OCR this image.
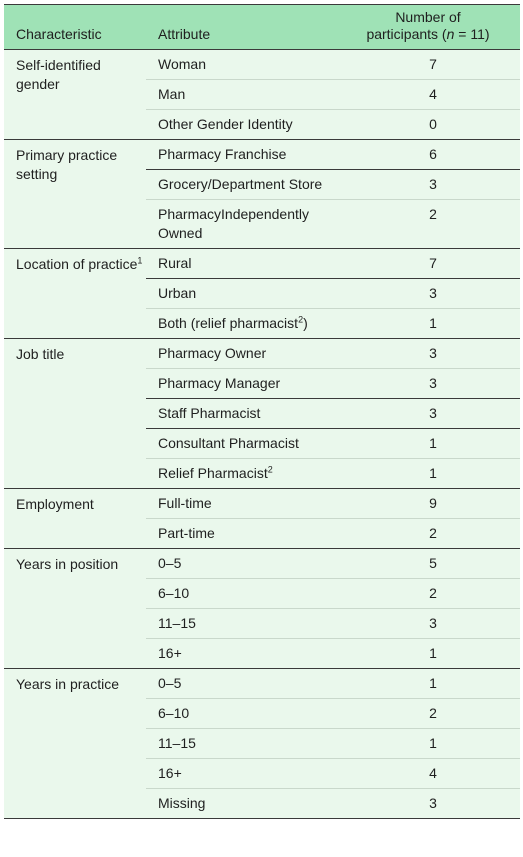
Characteristic	Attribute	Number of
participants (n = 11)
Self-identified gender	Woman	7
	Man	4
	Other Gender Identity	0
Primary practice setting	Pharmacy Franchise	6
	Grocery/Department Store	3
	PharmacyIndependently Owned	2
Location of practice$^1$	Rural	7
	Urban	3
	Both (relief pharmacist$^2$)	1
Job title	Pharmacy Owner	3
	Pharmacy Manager	3
	Staff Pharmacist	3
	Consultant Pharmacist	1
	Relief Pharmacist$^2$	1
Employment	Full-time	9
	Part-time	2
Years in position	0–5	5
	6–10	2
	11–15	3
	16+	1
Years in practice	0–5	1
	6–10	2
	11–15	1
	16+	4
	Missing	3
